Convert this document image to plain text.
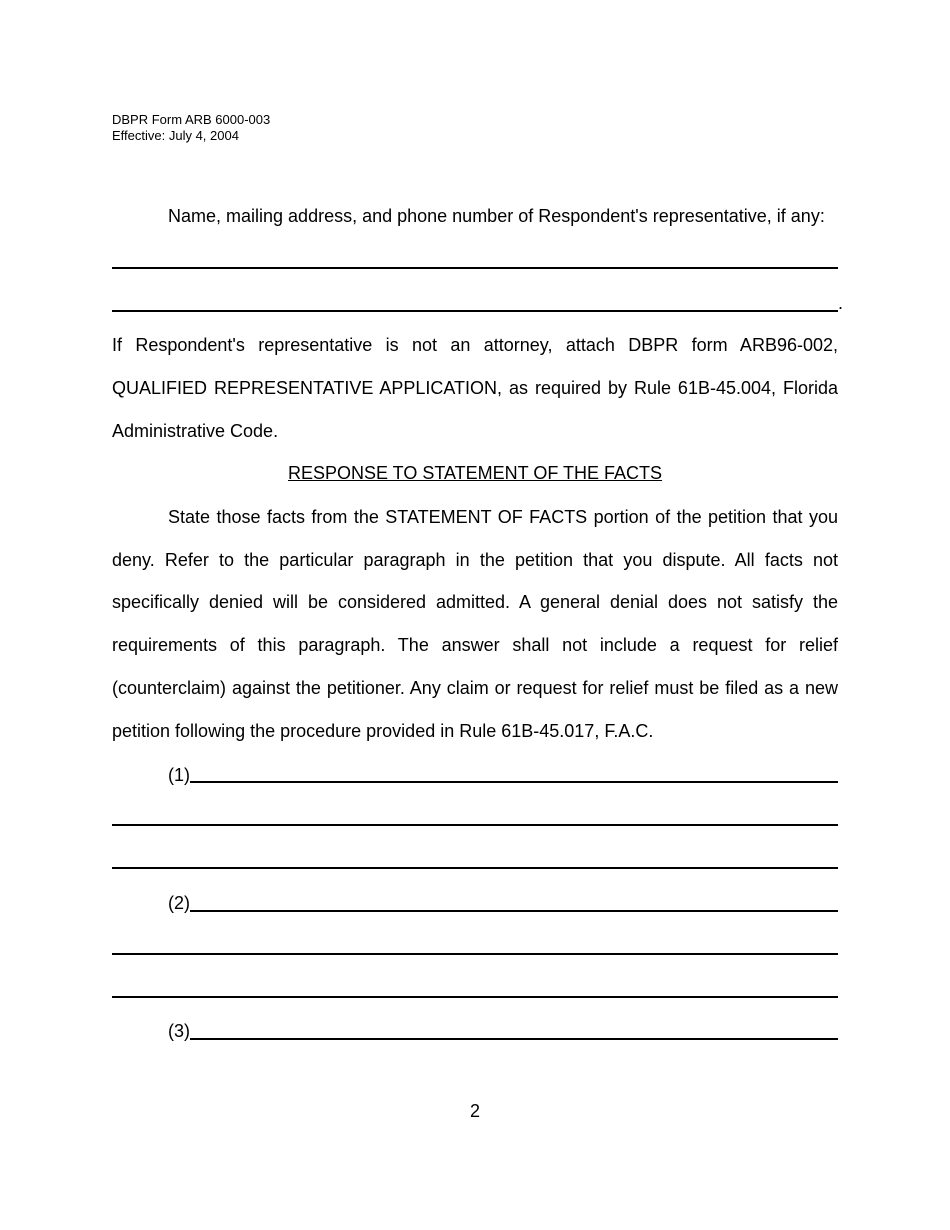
DBPR Form ARB 6000-003
Effective: July 4, 2004
Name, mailing address, and phone number of Respondent's representative, if any:
.
If Respondent's representative is not an attorney, attach DBPR form ARB96-002,
QUALIFIED REPRESENTATIVE APPLICATION, as required by Rule 61B-45.004, Florida
Administrative Code.
RESPONSE TO STATEMENT OF THE FACTS
State those facts from the STATEMENT OF FACTS portion of the petition that you
deny. Refer to the particular paragraph in the petition that you dispute. All facts not
specifically denied will be considered admitted. A general denial does not satisfy the
requirements of this paragraph. The answer shall not include a request for relief
(counterclaim) against the petitioner. Any claim or request for relief must be filed as a new
petition following the procedure provided in Rule 61B-45.017, F.A.C.
(1)
(2)
(3)
2
